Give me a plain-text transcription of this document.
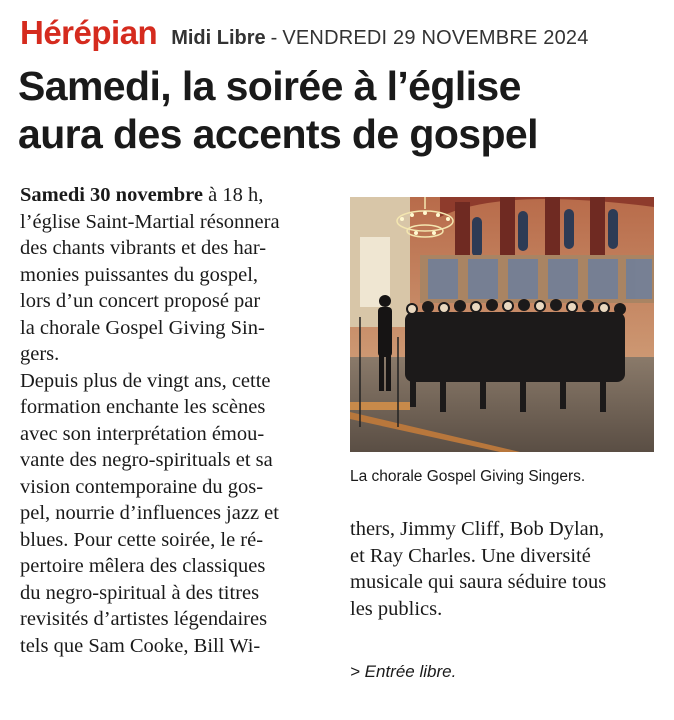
Hérépian Midi Libre - VENDREDI 29 NOVEMBRE 2024
Samedi, la soirée à l’église
aura des accents de gospel
Samedi 30 novembre à 18 h,
l’église Saint-Martial résonnera
des chants vibrants et des har-
monies puissantes du gospel,
lors d’un concert proposé par
la chorale Gospel Giving Sin-
gers.
Depuis plus de vingt ans, cette
formation enchante les scènes
avec son interprétation émou-
vante des negro-spirituals et sa
vision contemporaine du gos-
pel, nourrie d’influences jazz et
blues. Pour cette soirée, le ré-
pertoire mêlera des classiques
du negro-spiritual à des titres
revisités d’artistes légendaires
tels que Sam Cooke, Bill Wi-
La chorale Gospel Giving Singers.
thers, Jimmy Cliff, Bob Dylan,
et Ray Charles. Une diversité
musicale qui saura séduire tous
les publics.
> Entrée libre.
